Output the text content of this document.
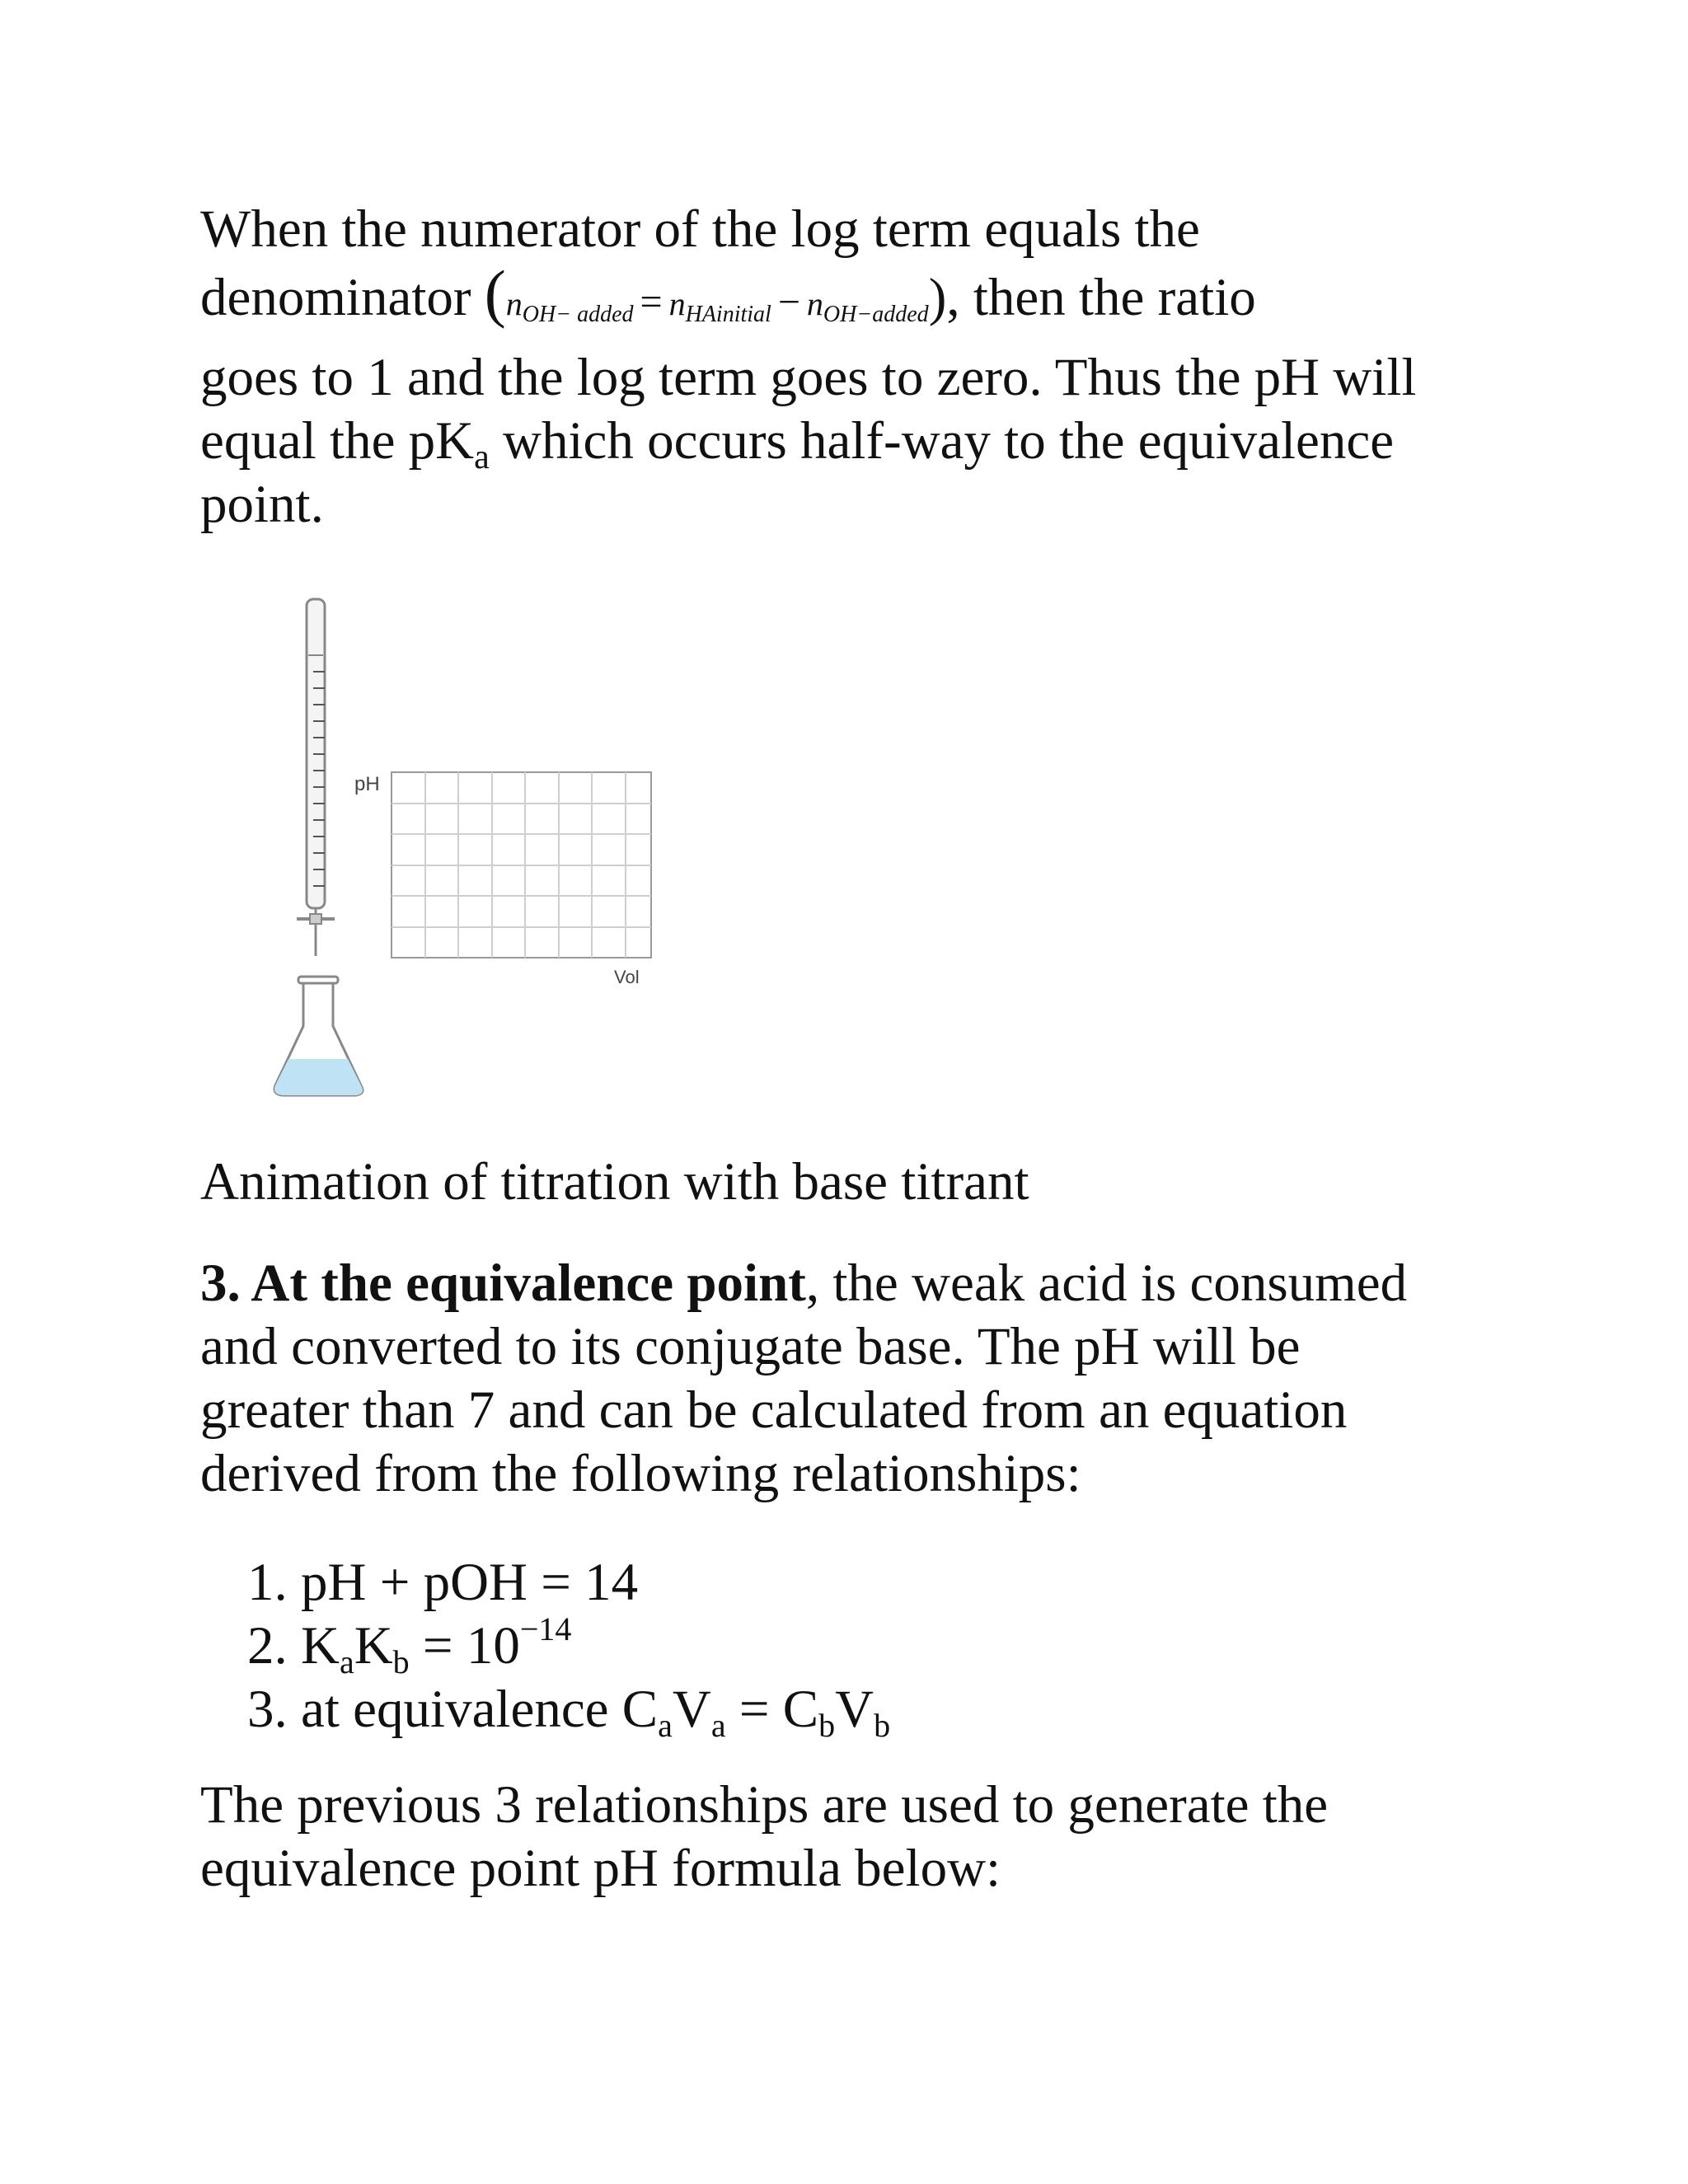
When the numerator of the log term equals the
denominator $(n_{OH- added} = n_{HAinitial} - n_{OH-added})$, then the ratio
goes to 1 and the log term goes to zero. Thus the pH will
equal the $pK_a$ which occurs half-way to the equivalence
point.

pH
Vol
Animation of titration with base titrant

3. At the equivalence point, the weak acid is consumed
and converted to its conjugate base. The pH will be
greater than 7 and can be calculated from an equation
derived from the following relationships:

1. pH + pOH = 14
2. KaKb = $10^{-14}$
3. at equivalence CaVa = CbVb

The previous 3 relationships are used to generate the
equivalence point pH formula below:
